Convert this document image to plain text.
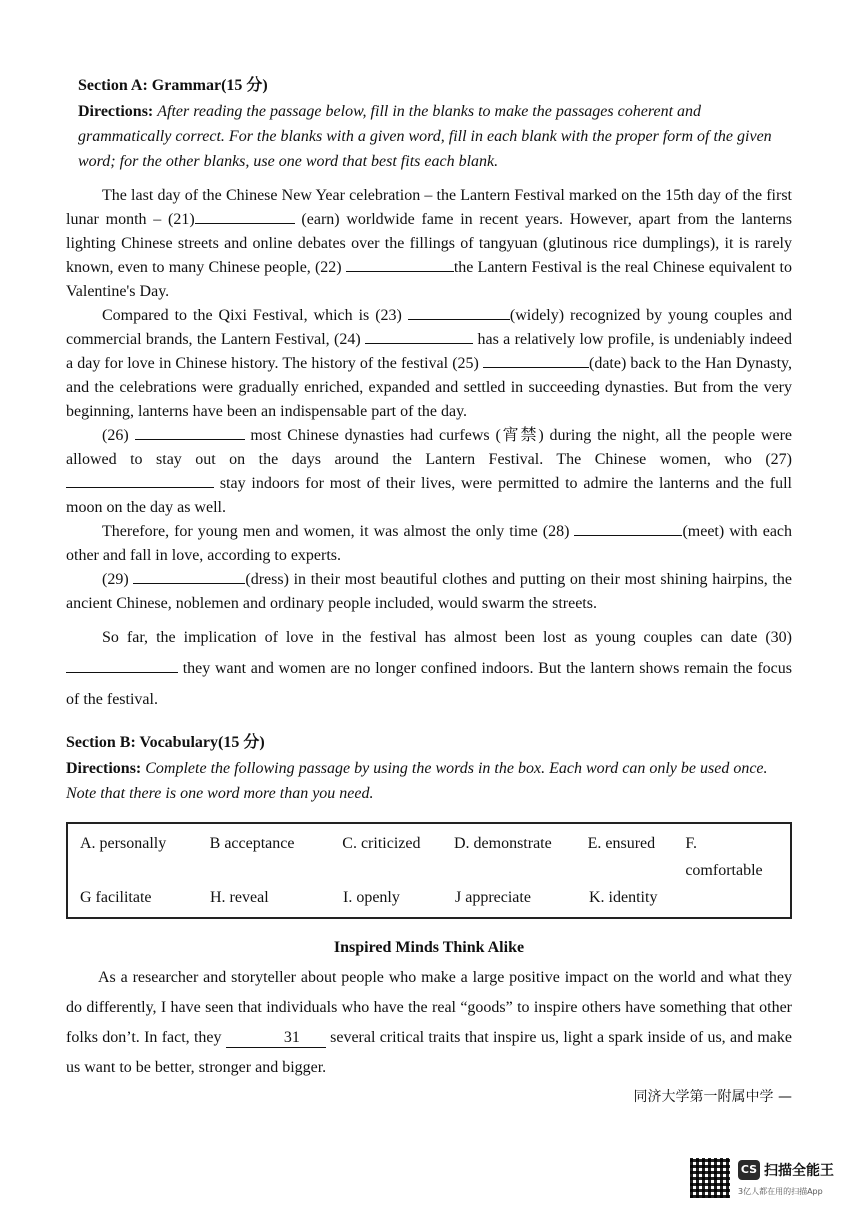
Section A: Grammar(15 分)
Directions: After reading the passage below, fill in the blanks to make the passages coherent and grammatically correct. For the blanks with a given word, fill in each blank with the proper form of the given word; for the other blanks, use one word that best fits each blank.

The last day of the Chinese New Year celebration – the Lantern Festival marked on the 15th day of the first lunar month – (21)	(earn) worldwide fame in recent years. However, apart from the lanterns lighting Chinese streets and online debates over the fillings of tangyuan (glutinous rice dumplings), it is rarely known, even to many Chinese people, (22)	the Lantern Festival is the real Chinese equivalent to Valentine's Day.

Compared to the Qixi Festival, which is (23)	(widely) recognized by young couples and commercial brands, the Lantern Festival, (24)	has a relatively low profile, is undeniably indeed a day for love in Chinese history. The history of the festival (25)	(date) back to the Han Dynasty, and the celebrations were gradually enriched, expanded and settled in succeeding dynasties. But from the very beginning, lanterns have been an indispensable part of the day.

(26)	most Chinese dynasties had curfews (宵禁) during the night, all the people were allowed to stay out on the days around the Lantern Festival. The Chinese women, who (27)  stay indoors for most of their lives, were permitted to admire the lanterns and the full moon on the day as well.

Therefore, for young men and women, it was almost the only time (28)	(meet) with each other and fall in love, according to experts.

(29)	(dress) in their most beautiful clothes and putting on their most shining hairpins, the ancient Chinese, noblemen and ordinary people included, would swarm the streets.

So far, the implication of love in the festival has almost been lost as young couples can date (30)  they want and women are no longer confined indoors. But the lantern shows remain the focus of the festival.

Section B: Vocabulary(15 分)
Directions: Complete the following passage by using the words in the box. Each word can only be used once. Note that there is one word more than you need.
A. personally	B acceptance	C. criticized	D. demonstrate	E. ensured	F. comfortable
G facilitate	H. reveal	I. openly	J appreciate	K. identity
Inspired Minds Think Alike

As a researcher and storyteller about people who make a large positive impact on the world and what they do differently, I have seen that individuals who have the real “goods” to inspire others have something that other folks don’t. In fact, they	31 several critical traits that inspire us, light a spark inside of us, and make us want to be better, stronger and bigger.

同济大学第一附属中学 —
CS 扫描全能王
3亿人都在用的扫描App
